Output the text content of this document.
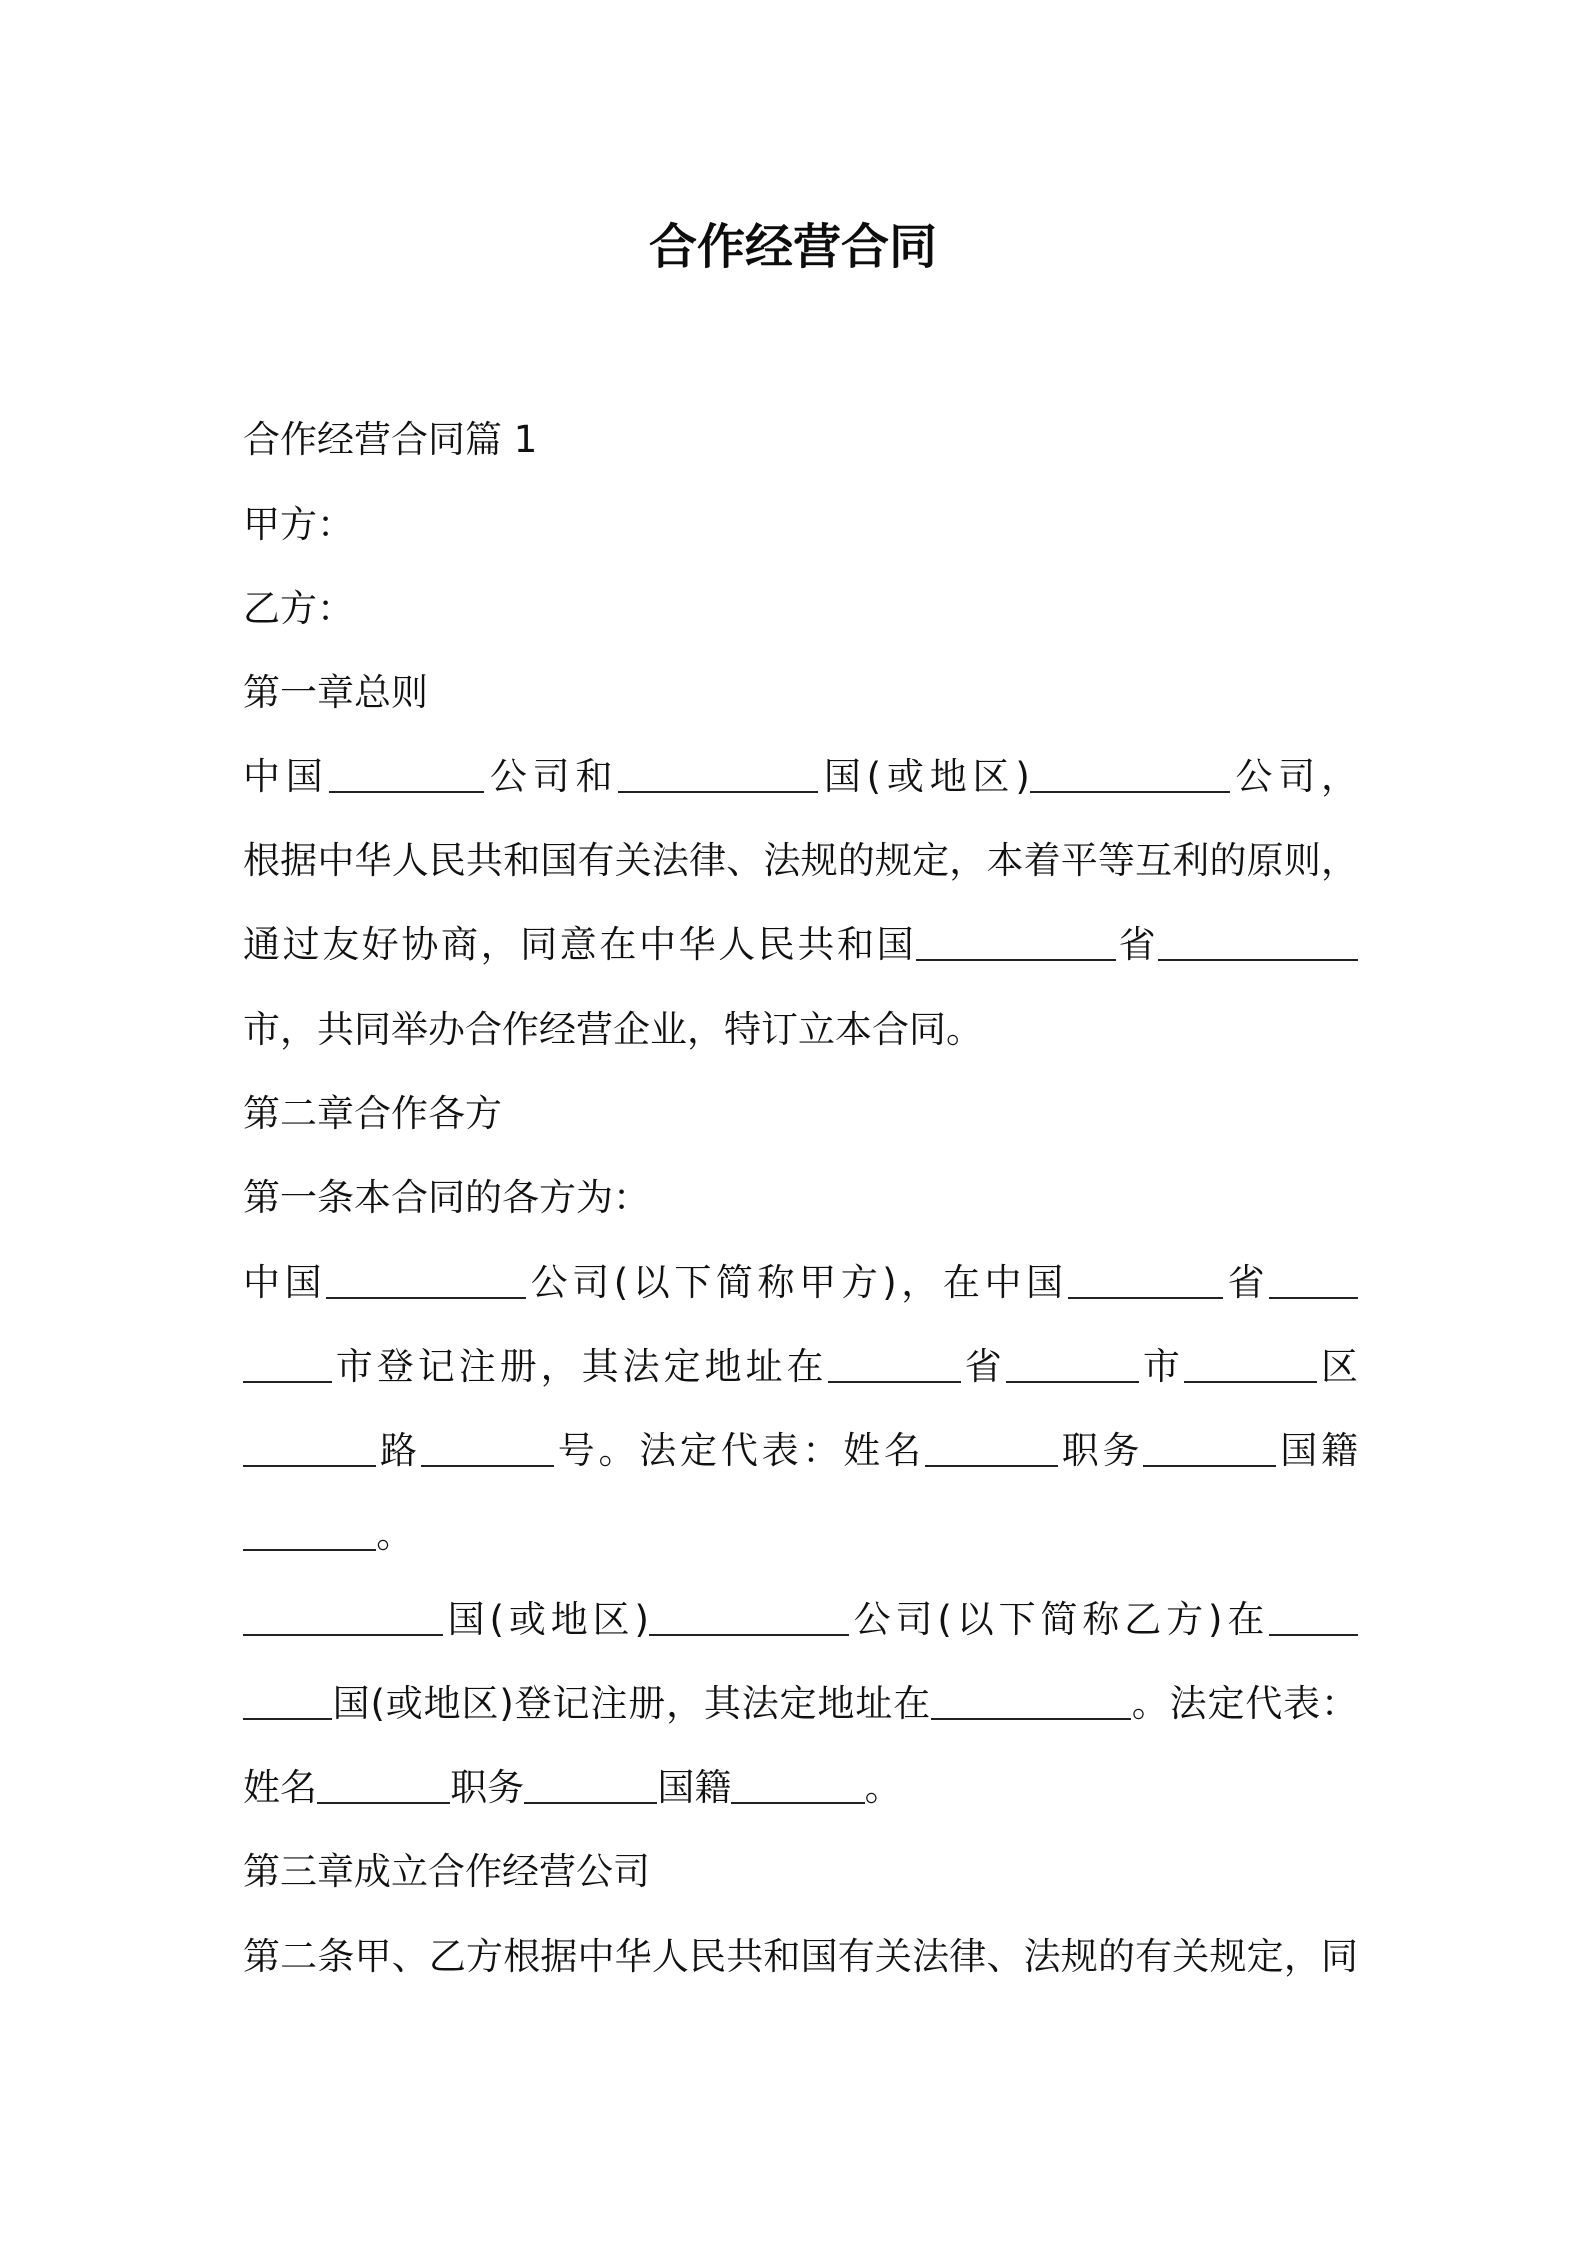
合作经营合同
合作经营合同篇 1
甲方：
乙方：
第一章总则
中国	公司和	国(或地区)	公司，
根据中华人民共和国有关法律、法规的规定，本着平等互利的原则，
通过友好协商，同意在中华人民共和国	省
市，共同举办合作经营企业，特订立本合同。
第二章合作各方
第一条本合同的各方为：
中国	公司(以下简称甲方)，在中国	省
市登记注册，其法定地址在	省	市	区
路	号。法定代表：姓名	职务	国籍
。
国(或地区)	公司(以下简称乙方)在
国(或地区)登记注册，其法定地址在	。法定代表：
姓名	职务	国籍	。
第三章成立合作经营公司
第二条甲、乙方根据中华人民共和国有关法律、法规的有关规定，同
